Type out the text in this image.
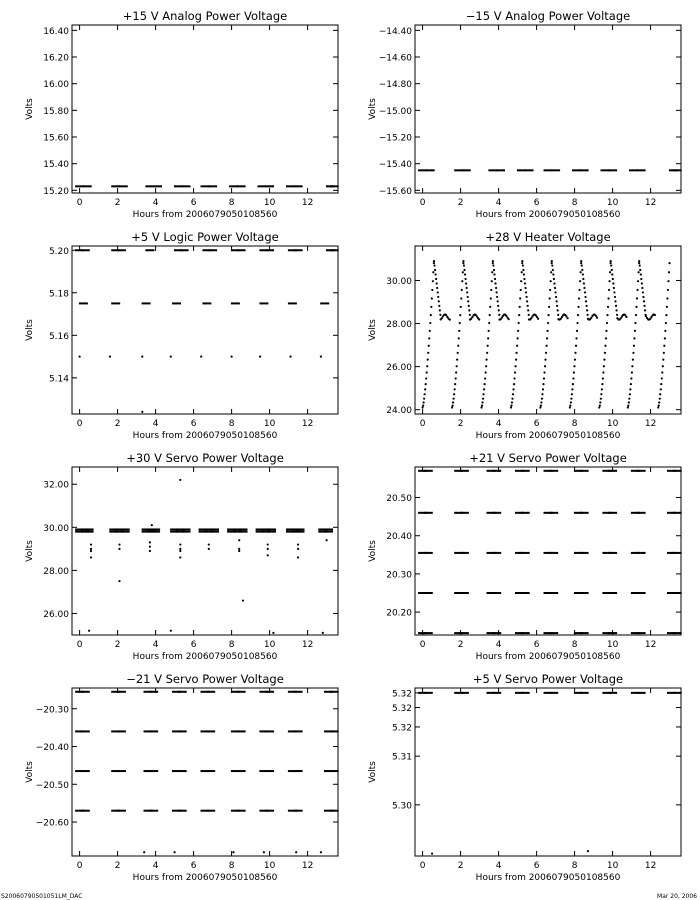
+15 V Analog Power Voltage
0	2	4	6	8	10	12
15.20
15.40
15.60
15.80
16.00
16.20
16.40
Hours from 2006079050108560
Volts
−15 V Analog Power Voltage
0	2	4	6	8	10	12
−14.40
−14.60
−14.80
−15.00
−15.20
−15.40
−15.60
Hours from 2006079050108560
Volts
+5 V Logic Power Voltage
0	2	4	6	8	10	12
5.14
5.16
5.18
5.20
Hours from 2006079050108560
Volts
+28 V Heater Voltage
0	2	4	6	8	10	12
24.00
26.00
28.00
30.00
Hours from 2006079050108560
Volts
+30 V Servo Power Voltage
0	2	4	6	8	10	12
26.00
28.00
30.00
32.00
Hours from 2006079050108560
Volts
+21 V Servo Power Voltage
0	2	4	6	8	10	12
20.20
20.30
20.40
20.50
Hours from 2006079050108560
Volts
−21 V Servo Power Voltage
0	2	4	6	8	10	12
−20.30
−20.40
−20.50
−20.60
Hours from 2006079050108560
Volts
+5 V Servo Power Voltage
0	2	4	6	8	10	12
5.30
5.31
5.32
5.32
5.32
Hours from 2006079050108560
Volts
S20060790501051LM_DAC	Mar 20, 2006
